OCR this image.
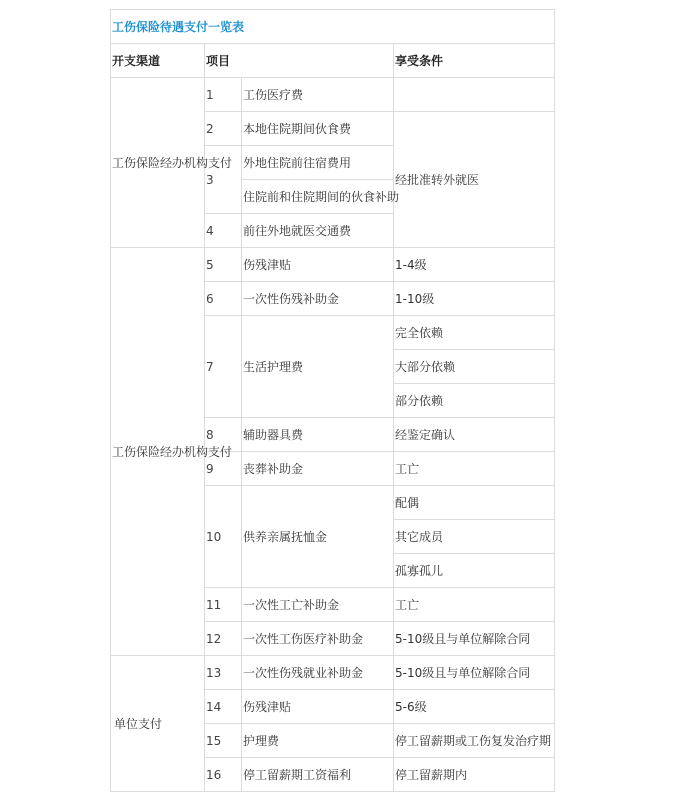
工伤保险待遇支付一览表			
开支渠道	项目		享受条件
工伤保险经办机构支付	1	工伤医疗费	
	2	本地住院期间伙食费	经批准转外就医
	3	外地住院前往宿费用	
		住院前和住院期间的伙食补助	
	4	前往外地就医交通费	
工伤保险经办机构支付	5	伤残津贴	1-4级
	6	一次性伤残补助金	1-10级
	7	生活护理费	完全依赖
			大部分依赖
			部分依赖
	8	辅助器具费	经鉴定确认
	9	丧葬补助金	工亡
	10	供养亲属抚恤金	配偶
			其它成员
			孤寡孤儿
	11	一次性工亡补助金	工亡
	12	一次性工伤医疗补助金	5-10级且与单位解除合同
单位支付	13	一次性伤残就业补助金	5-10级且与单位解除合同
	14	伤残津贴	5-6级
	15	护理费	停工留薪期或工伤复发治疗期
	16	停工留薪期工资福利	停工留薪期内
